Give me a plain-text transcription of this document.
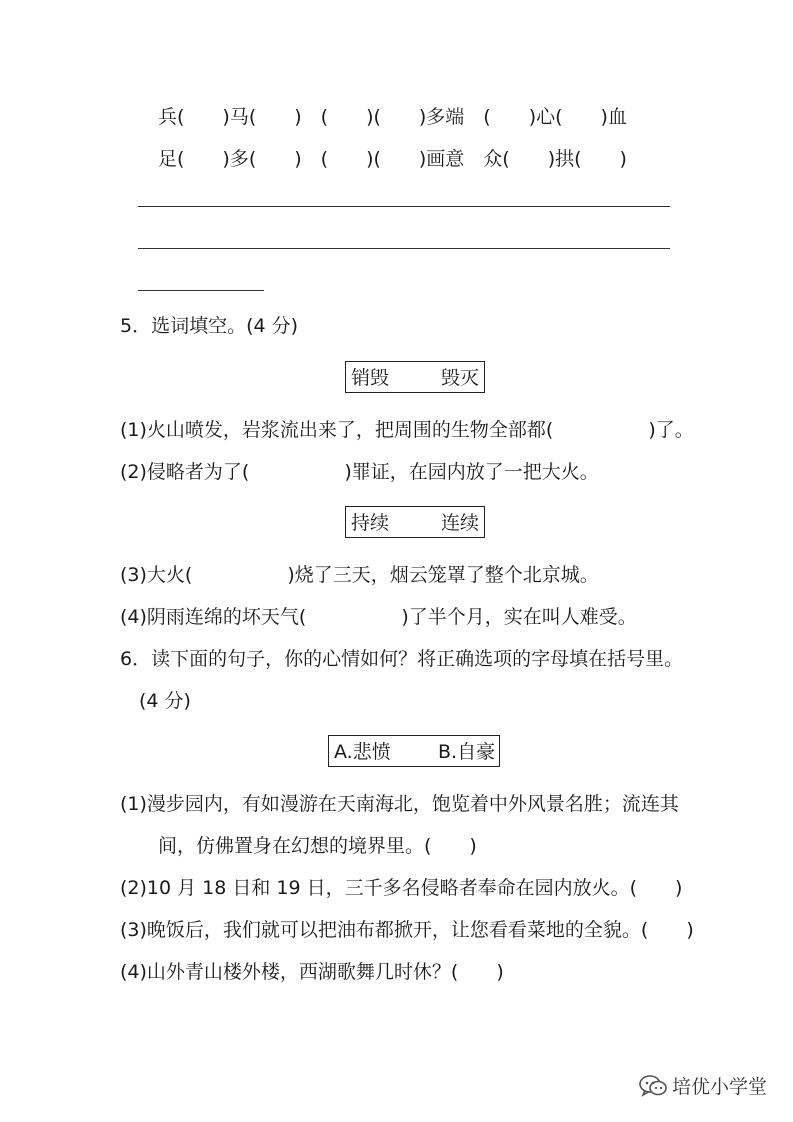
兵(　　)马(　　)　(　　)(　　)多端　(　　)心(　　)血
足(　　)多(　　)　(　　)(　　)画意　众(　　)拱(　　)
5．选词填空。(4 分)

销毁

	毁灭

(1)火山喷发，岩浆流出来了，把周围的生物全部都(　　　　　)了。
(2)侵略者为了(　　　　　)罪证，在园内放了一把大火。

持续

	连续

(3)大火(　　　　　)烧了三天，烟云笼罩了整个北京城。
(4)阴雨连绵的坏天气(　　　　　)了半个月，实在叫人难受。
6．读下面的句子，你的心情如何？将正确选项的字母填在括号里。
(4 分)

A.悲愤

B.自豪

(1)漫步园内，有如漫游在天南海北，饱览着中外风景名胜；流连其
间，仿佛置身在幻想的境界里。(　　)
(2)10 月 18 日和 19 日，三千多名侵略者奉命在园内放火。(　　)
(3)晚饭后，我们就可以把油布都掀开，让您看看菜地的全貌。(　　)
(4)山外青山楼外楼，西湖歌舞几时休？(　　)
培优小学堂
